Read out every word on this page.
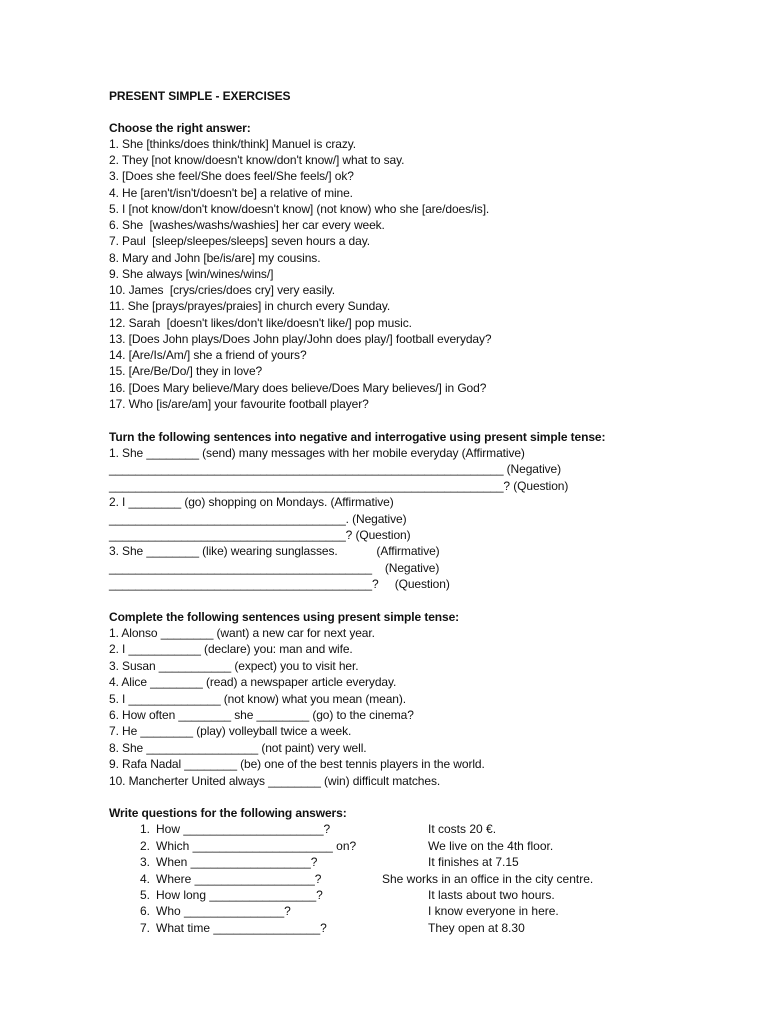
PRESENT SIMPLE - EXERCISES
Choose the right answer:
1. She [thinks/does think/think] Manuel is crazy.
2. They [not know/doesn't know/don't know/] what to say.
3. [Does she feel/She does feel/She feels/] ok?
4. He [aren't/isn't/doesn't be] a relative of mine.
5. I [not know/don't know/doesn't know] (not know) who she [are/does/is].
6. She  [washes/washs/washies] her car every week.
7. Paul  [sleep/sleepes/sleeps] seven hours a day.
8. Mary and John [be/is/are] my cousins.
9. She always [win/wines/wins/]
10. James  [crys/cries/does cry] very easily.
11. She [prays/prayes/praies] in church every Sunday.
12. Sarah  [doesn't likes/don't like/doesn't like/] pop music.
13. [Does John plays/Does John play/John does play/] football everyday?
14. [Are/Is/Am/] she a friend of yours?
15. [Are/Be/Do/] they in love?
16. [Does Mary believe/Mary does believe/Does Mary believes/] in God?
17. Who [is/are/am] your favourite football player?
Turn the following sentences into negative and interrogative using present simple tense:
1. She ________ (send) many messages with her mobile everyday (Affirmative)
____________________________________________________________ (Negative)
____________________________________________________________? (Question)
2. I ________ (go) shopping on Mondays. (Affirmative)
____________________________________. (Negative)
____________________________________? (Question)
3. She ________ (like) wearing sunglasses.            (Affirmative)
________________________________________    (Negative)
________________________________________?     (Question)
Complete the following sentences using present simple tense:
1. Alonso ________ (want) a new car for next year.
2. I ___________ (declare) you: man and wife.
3. Susan ___________ (expect) you to visit her.
4. Alice ________ (read) a newspaper article everyday.
5. I ______________ (not know) what you mean (mean).
6. How often ________ she ________ (go) to the cinema?
7. He ________ (play) volleyball twice a week.
8. She _________________ (not paint) very well.
9. Rafa Nadal ________ (be) one of the best tennis players in the world.
10. Mancherter United always ________ (win) difficult matches.
Write questions for the following answers:
1. How _____________________?	It costs 20 €.
2. Which _____________________ on?	We live on the 4th floor.
3. When __________________?	It finishes at 7.15
4. Where __________________?	She works in an office in the city centre.
5. How long ________________?	It lasts about two hours.
6. Who _______________?	I know everyone in here.
7. What time ________________?	They open at 8.30
